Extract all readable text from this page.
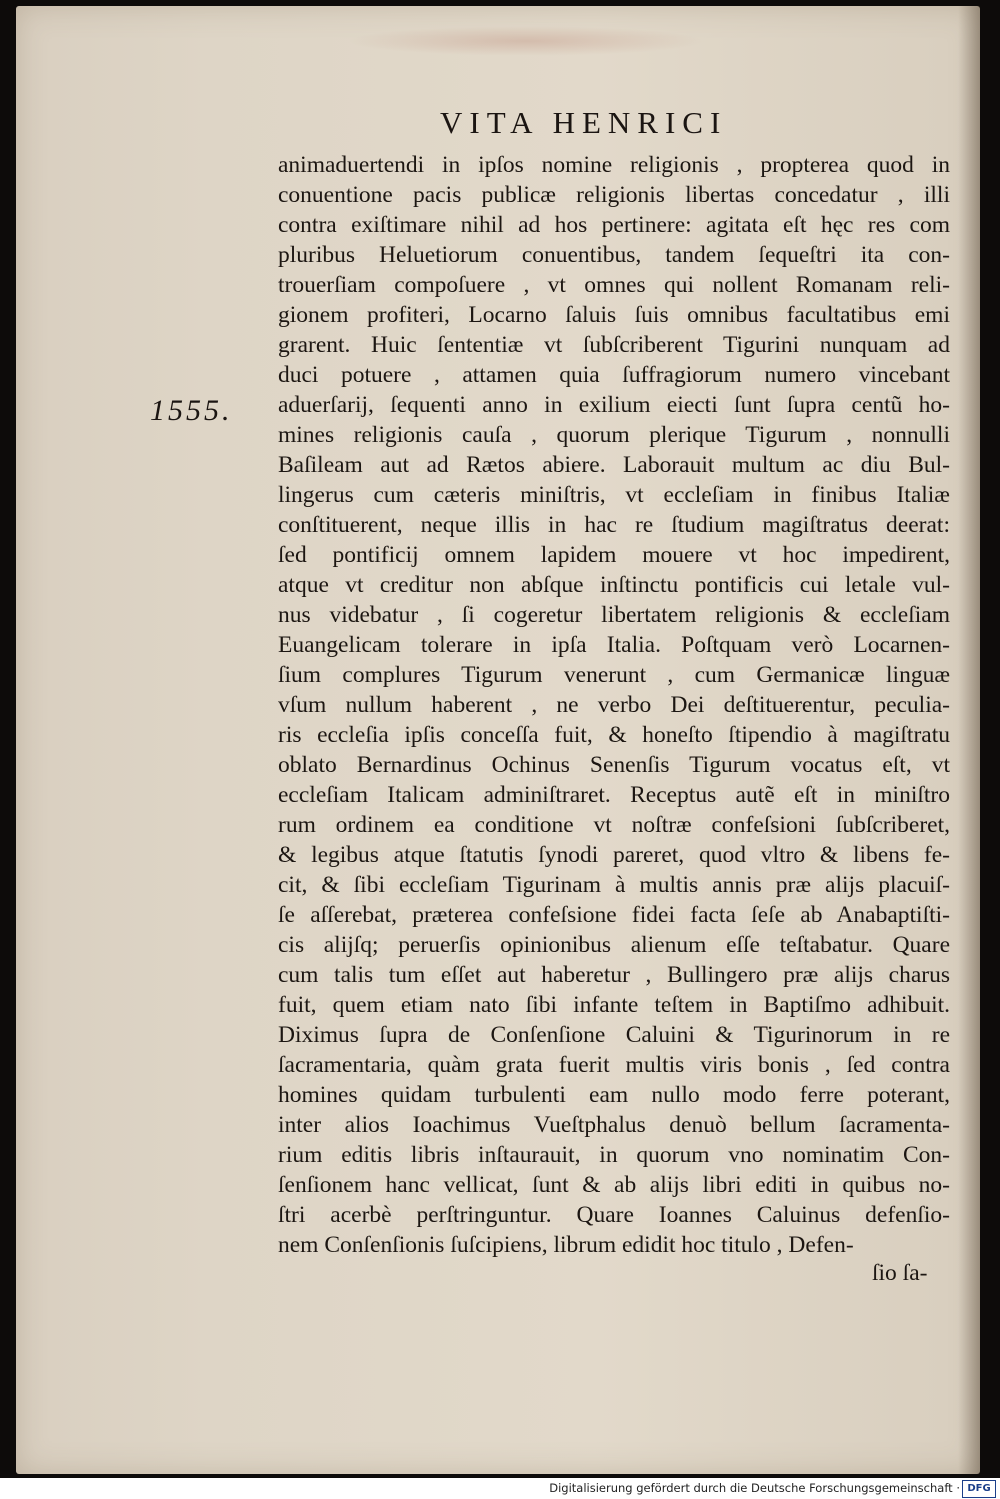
VITA HENRICI
1555.
animaduertendi in ipſos nomine religionis , propterea quod in
conuentione pacis publicæ religionis libertas concedatur , illi
contra exiſtimare nihil ad hos pertinere: agitata eſt hęc res com
pluribus Heluetiorum conuentibus, tandem ſequeſtri ita con-
trouerſiam compoſuere , vt omnes qui nollent Romanam reli-
gionem profiteri, Locarno ſaluis ſuis omnibus facultatibus emi
grarent. Huic ſententiæ vt ſubſcriberent Tigurini nunquam ad
duci potuere , attamen quia ſuffragiorum numero vincebant
aduerſarij, ſequenti anno in exilium eiecti ſunt ſupra centũ ho-
mines religionis cauſa , quorum plerique Tigurum , nonnulli
Baſileam aut ad Rætos abiere. Laborauit multum ac diu Bul-
lingerus cum cæteris miniſtris, vt eccleſiam in finibus Italiæ
conſtituerent, neque illis in hac re ſtudium magiſtratus deerat:
ſed pontificij omnem lapidem mouere vt hoc impedirent,
atque vt creditur non abſque inſtinctu pontificis cui letale vul-
nus videbatur , ſi cogeretur libertatem religionis & eccleſiam
Euangelicam tolerare in ipſa Italia. Poſtquam verò Locarnen-
ſium complures Tigurum venerunt , cum Germanicæ linguæ
vſum nullum haberent , ne verbo Dei deſtituerentur, peculia-
ris eccleſia ipſis conceſſa fuit, & honeſto ſtipendio à magiſtratu
oblato Bernardinus Ochinus Senenſis Tigurum vocatus eſt, vt
eccleſiam Italicam adminiſtraret. Receptus autẽ eſt in miniſtro
rum ordinem ea conditione vt noſtræ confeſsioni ſubſcriberet,
& legibus atque ſtatutis ſynodi pareret, quod vltro & libens fe-
cit, & ſibi eccleſiam Tigurinam à multis annis præ alijs placuiſ-
ſe aſſerebat, præterea confeſsione fidei facta ſeſe ab Anabaptiſti-
cis alijſq; peruerſis opinionibus alienum eſſe teſtabatur. Quare
cum talis tum eſſet aut haberetur , Bullingero præ alijs charus
fuit, quem etiam nato ſibi infante teſtem in Baptiſmo adhibuit.
Diximus ſupra de Conſenſione Caluini & Tigurinorum in re
ſacramentaria, quàm grata fuerit multis viris bonis , ſed contra
homines quidam turbulenti eam nullo modo ferre poterant,
inter alios Ioachimus Vueſtphalus denuò bellum ſacramenta-
rium editis libris inſtaurauit, in quorum vno nominatim Con-
ſenſionem hanc vellicat, ſunt & ab alijs libri editi in quibus no-
ſtri acerbè perſtringuntur. Quare Ioannes Caluinus defenſio-
nem Conſenſionis ſuſcipiens, librum edidit hoc titulo , Defen-
ſio ſa-
Digitalisierung gefördert durch die Deutsche Forschungsgemeinschaft · DFG
